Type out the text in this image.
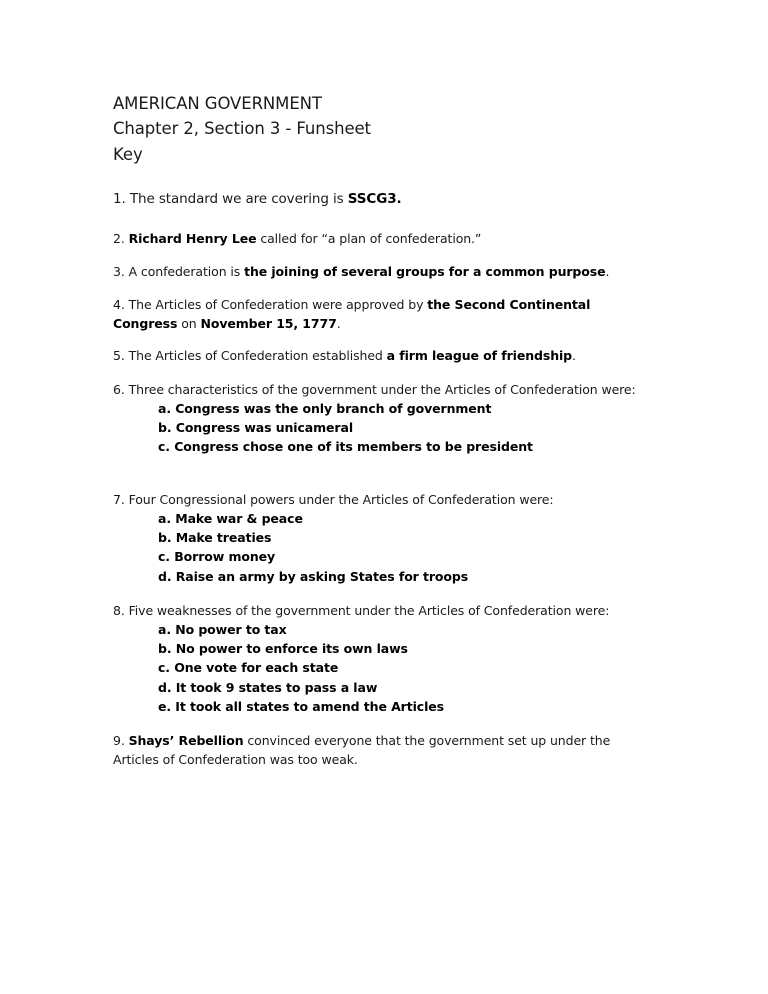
AMERICAN GOVERNMENT
Chapter 2, Section 3 - Funsheet
Key

1. The standard we are covering is SSCG3.

2. Richard Henry Lee called for “a plan of confederation.”

3. A confederation is the joining of several groups for a common purpose.

4. The Articles of Confederation were approved by the Second Continental Congress on November 15, 1777.

5. The Articles of Confederation established a firm league of friendship.

6. Three characteristics of the government under the Articles of Confederation were:
a. Congress was the only branch of government
b. Congress was unicameral
c. Congress chose one of its members to be president
7. Four Congressional powers under the Articles of Confederation were:
a. Make war & peace
b. Make treaties
c. Borrow money
d. Raise an army by asking States for troops
8. Five weaknesses of the government under the Articles of Confederation were:
a. No power to tax
b. No power to enforce its own laws
c. One vote for each state
d. It took 9 states to pass a law
e. It took all states to amend the Articles

9. Shays’ Rebellion convinced everyone that the government set up under the Articles of Confederation was too weak.
